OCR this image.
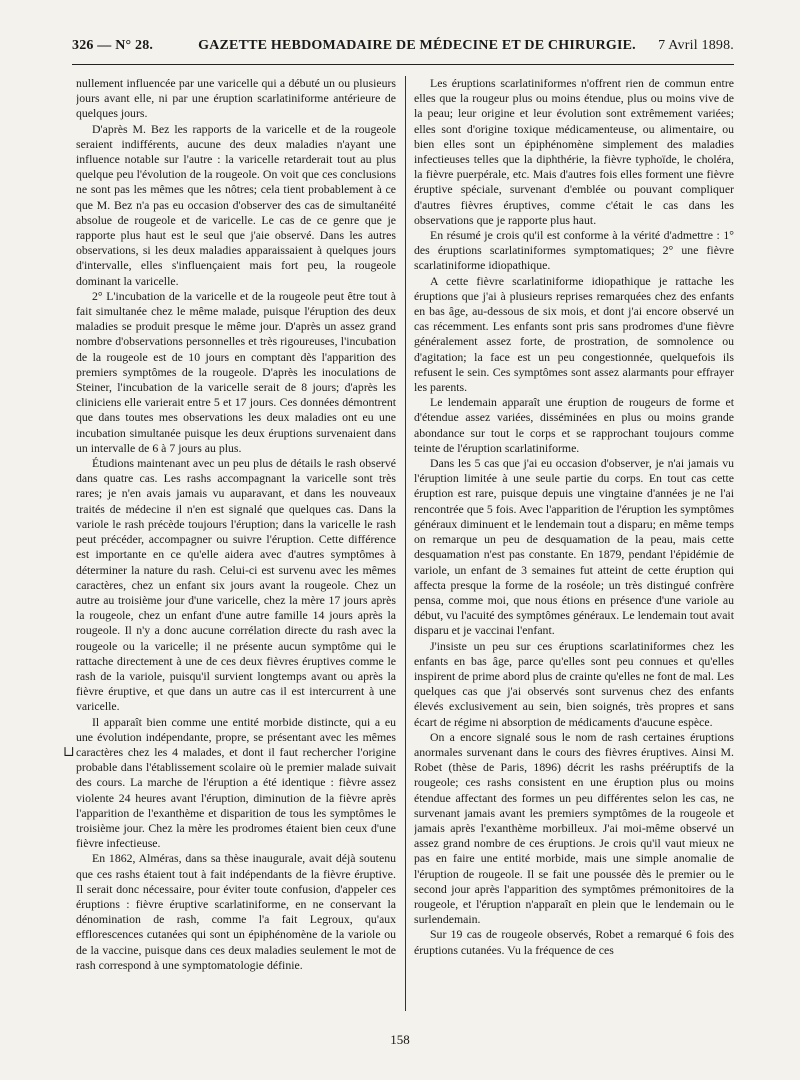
326 — N° 28.	GAZETTE HEBDOMADAIRE DE MÉDECINE ET DE CHIRURGIE.	7 Avril 1898.

nullement influencée par une varicelle qui a débuté un ou plusieurs jours avant elle, ni par une éruption scarlatiniforme antérieure de quelques jours.

D'après M. Bez les rapports de la varicelle et de la rougeole seraient indifférents, aucune des deux maladies n'ayant une influence notable sur l'autre : la varicelle retarderait tout au plus quelque peu l'évolution de la rougeole. On voit que ces conclusions ne sont pas les mêmes que les nôtres; cela tient probablement à ce que M. Bez n'a pas eu occasion d'observer des cas de simultanéité absolue de rougeole et de varicelle. Le cas de ce genre que je rapporte plus haut est le seul que j'aie observé. Dans les autres observations, si les deux maladies apparaissaient à quelques jours d'intervalle, elles s'influençaient mais fort peu, la rougeole dominant la varicelle.

2° L'incubation de la varicelle et de la rougeole peut être tout à fait simultanée chez le même malade, puisque l'éruption des deux maladies se produit presque le même jour. D'après un assez grand nombre d'observations personnelles et très rigoureuses, l'incubation de la rougeole est de 10 jours en comptant dès l'apparition des premiers symptômes de la rougeole. D'après les inoculations de Steiner, l'incubation de la varicelle serait de 8 jours; d'après les cliniciens elle varierait entre 5 et 17 jours. Ces données démontrent que dans toutes mes observations les deux maladies ont eu une incubation simultanée puisque les deux éruptions survenaient dans un intervalle de 6 à 7 jours au plus.

Étudions maintenant avec un peu plus de détails le rash observé dans quatre cas. Les rashs accompagnant la varicelle sont très rares; je n'en avais jamais vu auparavant, et dans les nouveaux traités de médecine il n'en est signalé que quelques cas. Dans la variole le rash précède toujours l'éruption; dans la varicelle le rash peut précéder, accompagner ou suivre l'éruption. Cette différence est importante en ce qu'elle aidera avec d'autres symptômes à déterminer la nature du rash. Celui-ci est survenu avec les mêmes caractères, chez un enfant six jours avant la rougeole. Chez un autre au troisième jour d'une varicelle, chez la mère 17 jours après la rougeole, chez un enfant d'une autre famille 14 jours après la rougeole. Il n'y a donc aucune corrélation directe du rash avec la rougeole ou la varicelle; il ne présente aucun symptôme qui le rattache directement à une de ces deux fièvres éruptives comme le rash de la variole, puisqu'il survient longtemps avant ou après la fièvre éruptive, et que dans un autre cas il est intercurrent à une varicelle.

Il apparaît bien comme une entité morbide distincte, qui a eu une évolution indépendante, propre, se présentant avec les mêmes caractères chez les 4 malades, et dont il faut rechercher l'origine probable dans l'établissement scolaire où le premier malade suivait des cours. La marche de l'éruption a été identique : fièvre assez violente 24 heures avant l'éruption, diminution de la fièvre après l'apparition de l'exanthème et disparition de tous les symptômes le troisième jour. Chez la mère les prodromes étaient bien ceux d'une fièvre infectieuse.

En 1862, Alméras, dans sa thèse inaugurale, avait déjà soutenu que ces rashs étaient tout à fait indépendants de la fièvre éruptive. Il serait donc nécessaire, pour éviter toute confusion, d'appeler ces éruptions : fièvre éruptive scarlatiniforme, en ne conservant la dénomination de rash, comme l'a fait Legroux, qu'aux efflorescences cutanées qui sont un épiphénomène de la variole ou de la vaccine, puisque dans ces deux maladies seulement le mot de rash correspond à une symptomatologie définie.

⊔

Les éruptions scarlatiniformes n'offrent rien de commun entre elles que la rougeur plus ou moins étendue, plus ou moins vive de la peau; leur origine et leur évolution sont extrêmement variées; elles sont d'origine toxique médicamenteuse, ou alimentaire, ou bien elles sont un épiphénomène simplement des maladies infectieuses telles que la diphthérie, la fièvre typhoïde, le choléra, la fièvre puerpérale, etc. Mais d'autres fois elles forment une fièvre éruptive spéciale, survenant d'emblée ou pouvant compliquer d'autres fièvres éruptives, comme c'était le cas dans les observations que je rapporte plus haut.

En résumé je crois qu'il est conforme à la vérité d'admettre : 1° des éruptions scarlatiniformes symptomatiques; 2° une fièvre scarlatiniforme idiopathique.

A cette fièvre scarlatiniforme idiopathique je rattache les éruptions que j'ai à plusieurs reprises remarquées chez des enfants en bas âge, au-dessous de six mois, et dont j'ai encore observé un cas récemment. Les enfants sont pris sans prodromes d'une fièvre généralement assez forte, de prostration, de somnolence ou d'agitation; la face est un peu congestionnée, quelquefois ils refusent le sein. Ces symptômes sont assez alarmants pour effrayer les parents.

Le lendemain apparaît une éruption de rougeurs de forme et d'étendue assez variées, disséminées en plus ou moins grande abondance sur tout le corps et se rapprochant toujours comme teinte de l'éruption scarlatiniforme.

Dans les 5 cas que j'ai eu occasion d'observer, je n'ai jamais vu l'éruption limitée à une seule partie du corps. En tout cas cette éruption est rare, puisque depuis une vingtaine d'années je ne l'ai rencontrée que 5 fois. Avec l'apparition de l'éruption les symptômes généraux diminuent et le lendemain tout a disparu; en même temps on remarque un peu de desquamation de la peau, mais cette desquamation n'est pas constante. En 1879, pendant l'épidémie de variole, un enfant de 3 semaines fut atteint de cette éruption qui affecta presque la forme de la roséole; un très distingué confrère pensa, comme moi, que nous étions en présence d'une variole au début, vu l'acuité des symptômes généraux. Le lendemain tout avait disparu et je vaccinai l'enfant.

J'insiste un peu sur ces éruptions scarlatiniformes chez les enfants en bas âge, parce qu'elles sont peu connues et qu'elles inspirent de prime abord plus de crainte qu'elles ne font de mal. Les quelques cas que j'ai observés sont survenus chez des enfants élevés exclusivement au sein, bien soignés, très propres et sans écart de régime ni absorption de médicaments d'aucune espèce.

On a encore signalé sous le nom de rash certaines éruptions anormales survenant dans le cours des fièvres éruptives. Ainsi M. Robet (thèse de Paris, 1896) décrit les rashs prééruptifs de la rougeole; ces rashs consistent en une éruption plus ou moins étendue affectant des formes un peu différentes selon les cas, ne survenant jamais avant les premiers symptômes de la rougeole et jamais après l'exanthème morbilleux. J'ai moi-même observé un assez grand nombre de ces éruptions. Je crois qu'il vaut mieux ne pas en faire une entité morbide, mais une simple anomalie de l'éruption de rougeole. Il se fait une poussée dès le premier ou le second jour après l'apparition des symptômes prémonitoires de la rougeole, et l'éruption n'apparaît en plein que le lendemain ou le surlendemain.

Sur 19 cas de rougeole observés, Robet a remarqué 6 fois des éruptions cutanées. Vu la fréquence de ces

158
